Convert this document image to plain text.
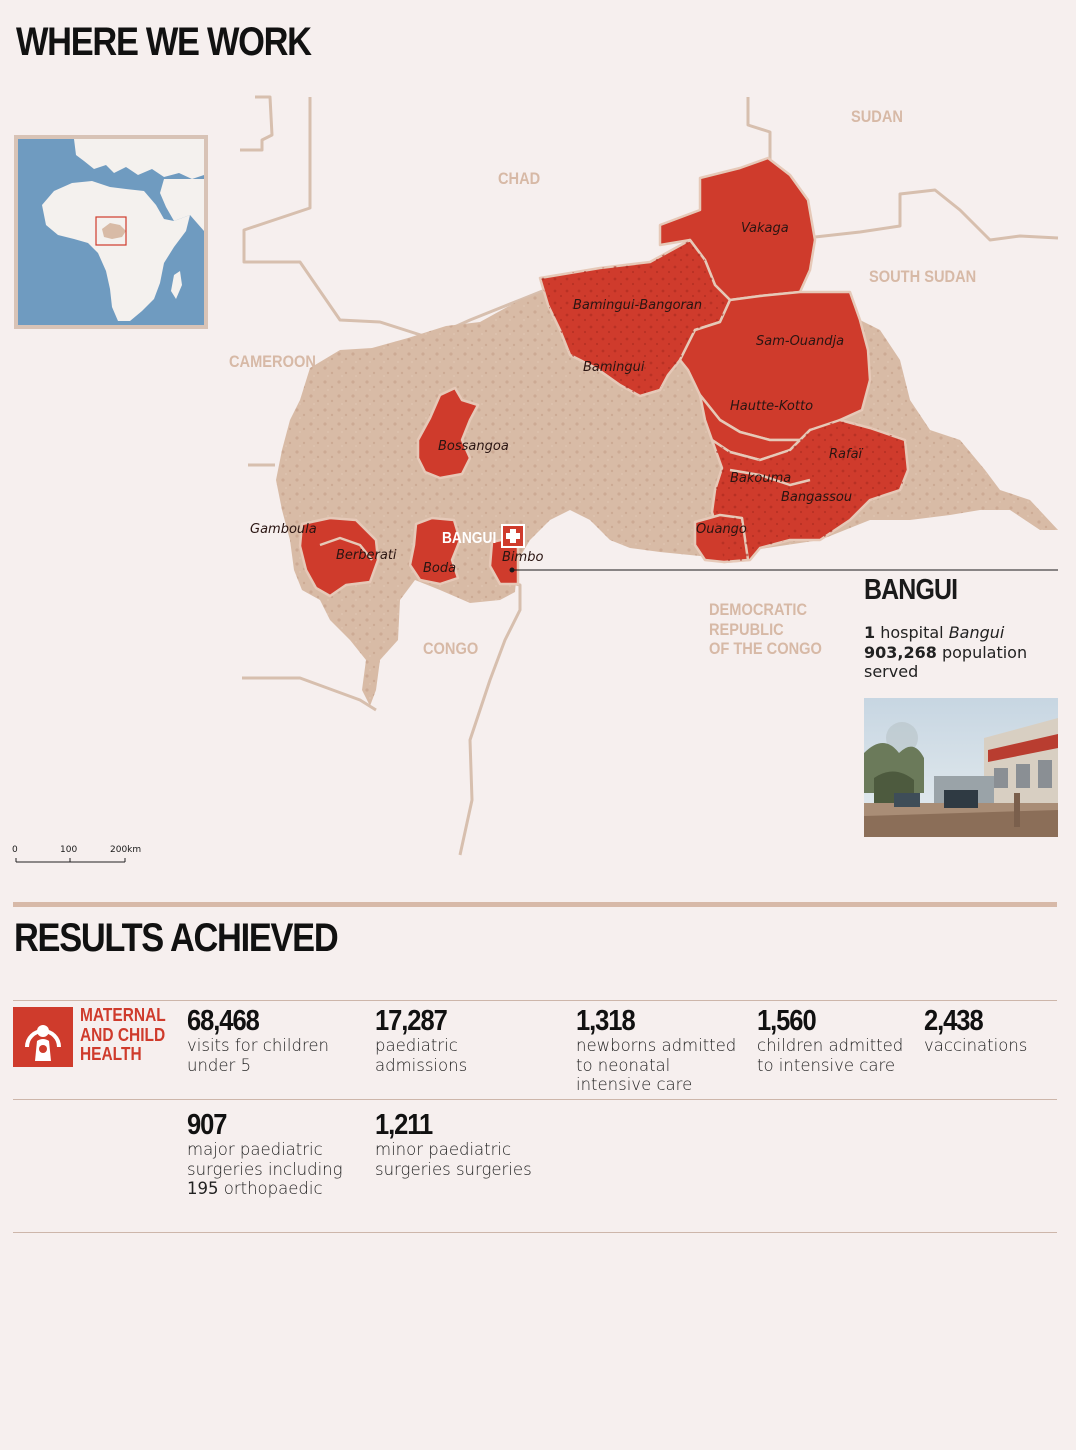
WHERE WE WORK
CHAD
SUDAN
SOUTH SUDAN
CAMEROON
CONGO
DEMOCRATIC
REPUBLIC
OF THE CONGO
Vakaga
Bamingui-Bangoran
Sam-Ouandja
Bamingui
Hautte-Kotto
Bossangoa
Rafaï
Bakouma
Bangassou
Gamboula	Ouango
Berberati	Bimbo
Boda
BANGUI
0	100	200km
BANGUI
1 hospital Bangui
903,268 population served
RESULTS ACHIEVED
MATERNAL
AND CHILD
HEALTH
68,468
visits for children under 5
17,287
paediatric admissions
1,318
newborns admitted to neonatal intensive care
1,560
children admitted to intensive care
2,438
vaccinations
907
major paediatric surgeries including 195 orthopaedic
1,211
minor paediatric surgeries surgeries
